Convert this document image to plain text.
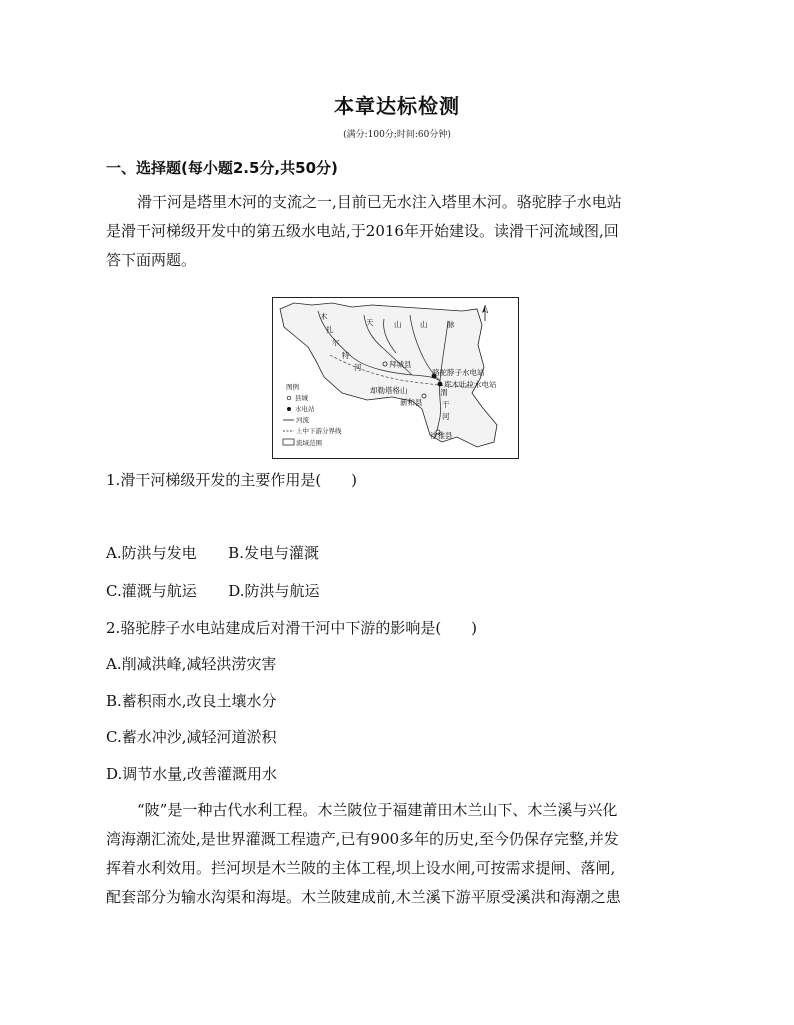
本章达标检测
(满分:100分;时间:60分钟)
一、选择题(每小题2.5分,共50分)
滑干河是塔里木河的支流之一,目前已无水注入塔里木河。骆驼脖子水电站
是滑干河梯级开发中的第五级水电站,于2016年开始建设。读滑干河流域图,回
答下面两题。
木
扎
尔
特
河
天	山 山	脉
拜城县
却勒塔格山
骆驼脖子水电站
库木吐拉水电站
新和县
渭
干
河
沙雅县
图例
县城
水电站
河流
上中下游分界线
流域范围
1.滑干河梯级开发的主要作用是(　　)
A.防洪与发电 B.发电与灌溉
C.灌溉与航运 D.防洪与航运
2.骆驼脖子水电站建成后对滑干河中下游的影响是(　　)
A.削减洪峰,减轻洪涝灾害
B.蓄积雨水,改良土壤水分
C.蓄水冲沙,减轻河道淤积
D.调节水量,改善灌溉用水
“陂”是一种古代水利工程。木兰陂位于福建莆田木兰山下、木兰溪与兴化
湾海潮汇流处,是世界灌溉工程遗产,已有900多年的历史,至今仍保存完整,并发
挥着水利效用。拦河坝是木兰陂的主体工程,坝上设水闸,可按需求提闸、落闸,
配套部分为输水沟渠和海堤。木兰陂建成前,木兰溪下游平原受溪洪和海潮之患
